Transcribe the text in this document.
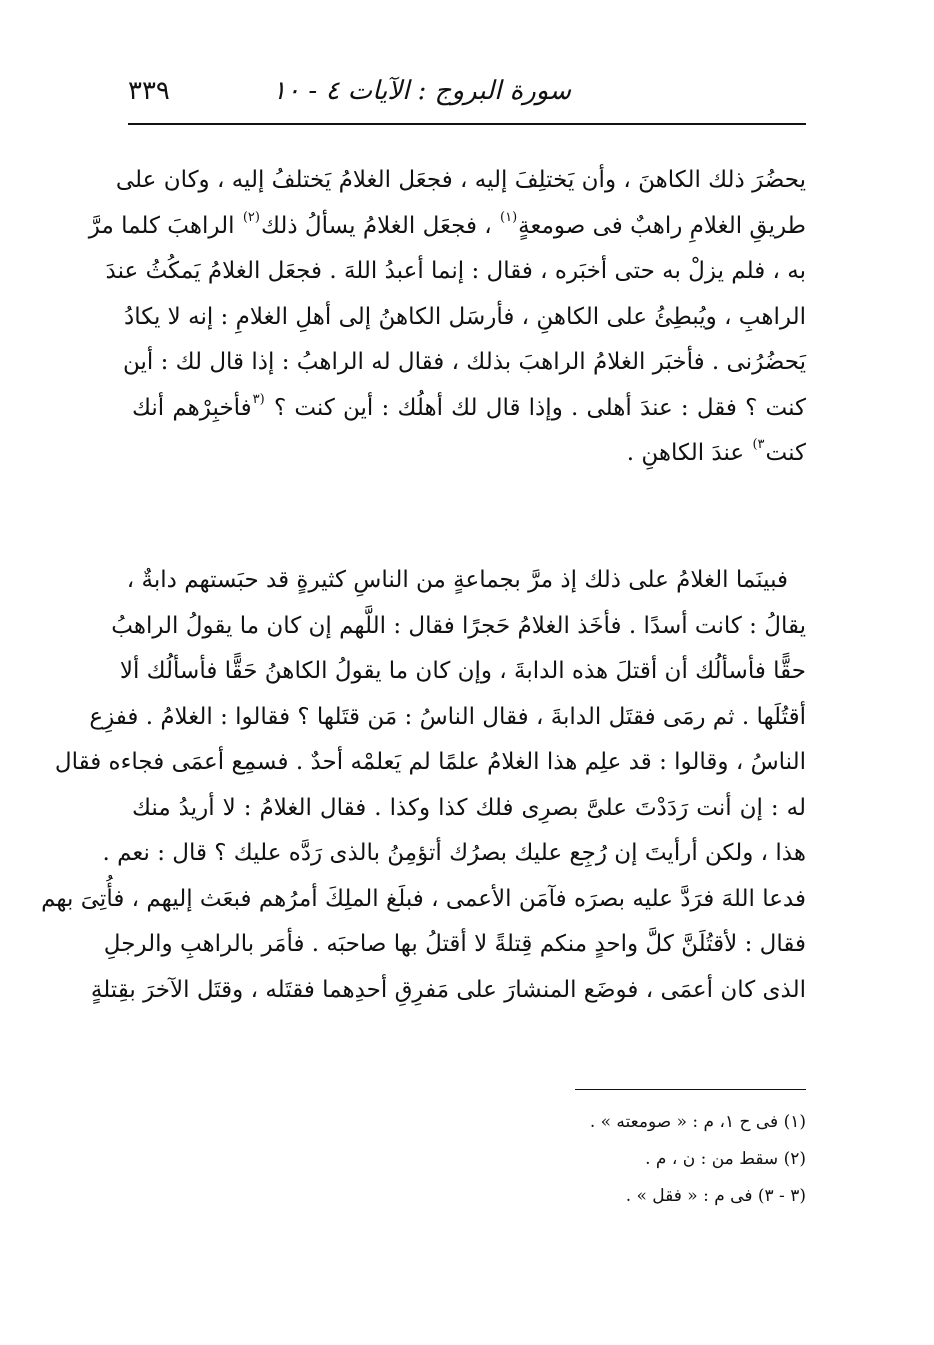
سورة البروج : الآيات ٤ - ١٠
٣٣٩
يحضُرَ ذلك الكاهنَ ، وأن يَختلِفَ إليه ، فجعَل الغلامُ يَختلفُ إليه ، وكان على
طريقِ الغلامِ راهبٌ فى صومعةٍ$^{(١)}$ ، فجعَل الغلامُ يسألُ ذلك$^{(٢)}$ الراهبَ كلما مرَّ
به ، فلم يزلْ به حتى أخبَره ، فقال : إنما أعبدُ اللهَ . فجعَل الغلامُ يَمكُثُ عندَ
الراهبِ ، ويُبطِئُ على الكاهنِ ، فأرسَل الكاهنُ إلى أهلِ الغلامِ : إنه لا يكادُ
يَحضُرُنى . فأخبَر الغلامُ الراهبَ بذلك ، فقال له الراهبُ : إذا قال لك : أين
كنت ؟ فقل : عندَ أهلى . وإذا قال لك أهلُك : أين كنت ؟ $^{(٣}$فأخبِرْهم أنك
كنت$^{٣)}$ عندَ الكاهنِ .
فبينَما الغلامُ على ذلك إذ مرَّ بجماعةٍ من الناسِ كثيرةٍ قد حبَستهم دابةٌ ،
يقالُ : كانت أسدًا . فأخَذ الغلامُ حَجرًا فقال : اللَّهم إن كان ما يقولُ الراهبُ
حقًّا فأسألُك أن أقتلَ هذه الدابةَ ، وإن كان ما يقولُ الكاهنُ حَقًّا فأسألُك ألا
أقتُلَها . ثم رمَى فقتَل الدابةَ ، فقال الناسُ : مَن قتَلها ؟ فقالوا : الغلامُ . ففزِع
الناسُ ، وقالوا : قد علِم هذا الغلامُ علمًا لم يَعلمْه أحدٌ . فسمِع أعمَى فجاءه فقال
له : إن أنت رَدَدْتَ علىَّ بصرِى فلك كذا وكذا . فقال الغلامُ : لا أريدُ منك
هذا ، ولكن أرأيتَ إن رُجِع عليك بصرُك أتؤمِنُ بالذى رَدَّه عليك ؟ قال : نعم .
فدعا اللهَ فرَدَّ عليه بصرَه فآمَن الأعمى ، فبلَغ الملِكَ أمرُهم فبعَث إليهم ، فأُتِىَ بهم
فقال : لأقتُلَنَّ كلَّ واحدٍ منكم قِتلةً لا أقتلُ بها صاحبَه . فأمَر بالراهبِ والرجلِ
الذى كان أعمَى ، فوضَع المنشارَ على مَفرِقِ أحدِهما فقتَله ، وقتَل الآخرَ بقِتلةٍ
(١) فى ح ١، م : « صومعته » .
(٢) سقط من : ن ، م .
(٣ - ٣) فى م : « فقل » .
